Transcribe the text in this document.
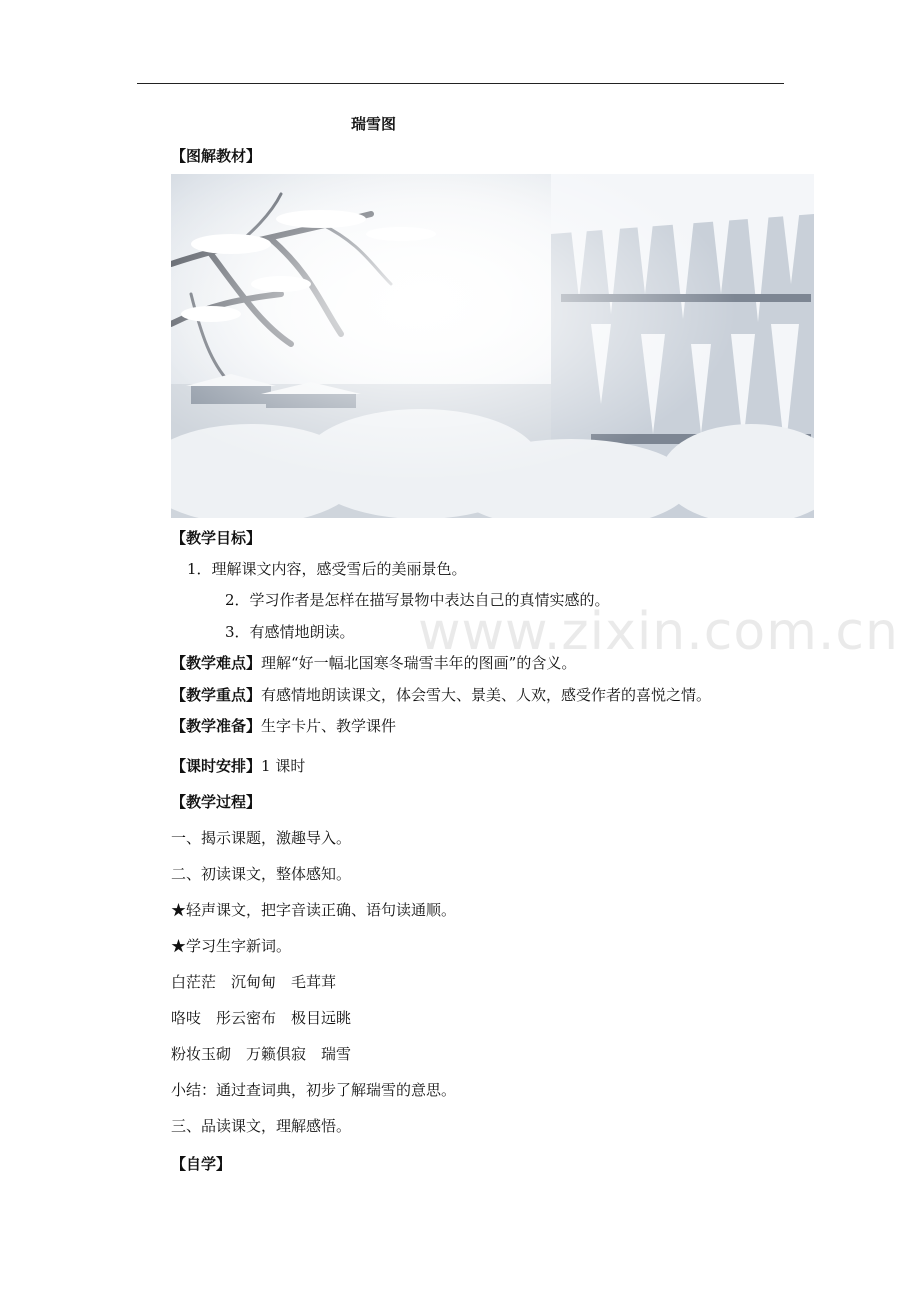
瑞雪图
【图解教材】
【教学目标】
1．理解课文内容，感受雪后的美丽景色。
2．学习作者是怎样在描写景物中表达自己的真情实感的。
3．有感情地朗读。 www.zixin.com.cn
【教学难点】理解“好一幅北国寒冬瑞雪丰年的图画”的含义。
【教学重点】有感情地朗读课文，体会雪大、景美、人欢，感受作者的喜悦之情。
【教学准备】生字卡片、教学课件
【课时安排】1 课时
【教学过程】
一、揭示课题，激趣导入。
二、初读课文，整体感知。
★轻声课文，把字音读正确、语句读通顺。
★学习生字新词。
白茫茫　沉甸甸　毛茸茸
咯吱　彤云密布　极目远眺
粉妆玉砌　万籁俱寂　瑞雪
小结：通过查词典，初步了解瑞雪的意思。
三、品读课文，理解感悟。
【自学】
